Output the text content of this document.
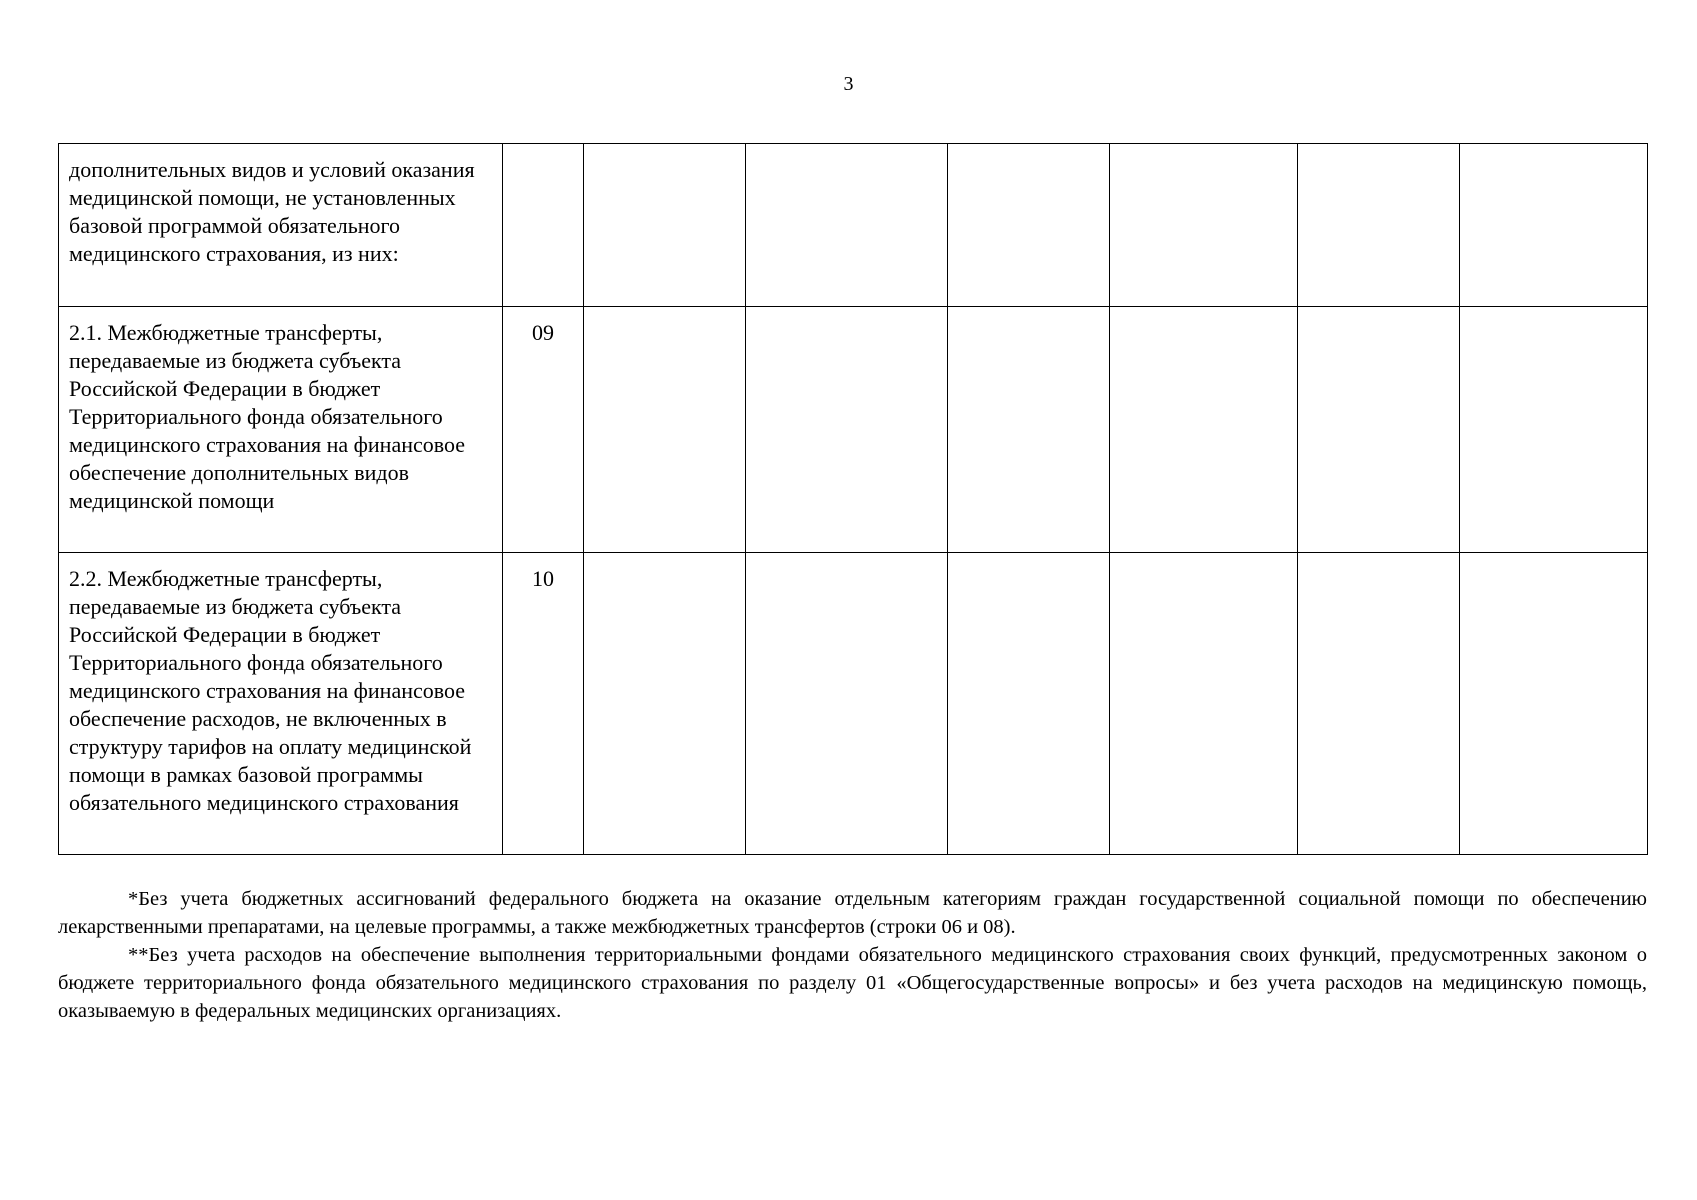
3
дополнительных видов и условий оказания медицинской помощи, не установленных базовой программой обязательного медицинского страхования, из них:							
2.1. Межбюджетные трансферты, передаваемые из бюджета субъекта Российской Федерации в бюджет Территориального фонда обязательного медицинского страхования на финансовое обеспечение дополнительных видов медицинской помощи	09						
2.2. Межбюджетные трансферты, передаваемые из бюджета субъекта Российской Федерации в бюджет Территориального фонда обязательного медицинского страхования на финансовое обеспечение расходов, не включенных в структуру тарифов на оплату медицинской помощи в рамках базовой программы обязательного медицинского страхования	10						

*Без учета бюджетных ассигнований федерального бюджета на оказание отдельным категориям граждан государственной социальной помощи по обеспечению лекарственными препаратами, на целевые программы, а также межбюджетных трансфертов (строки 06 и 08).

**Без учета расходов на обеспечение выполнения территориальными фондами обязательного медицинского страхования своих функций, предусмотренных законом о бюджете территориального фонда обязательного медицинского страхования по разделу 01 «Общегосударственные вопросы» и без учета расходов на медицинскую помощь, оказываемую в федеральных медицинских организациях.
